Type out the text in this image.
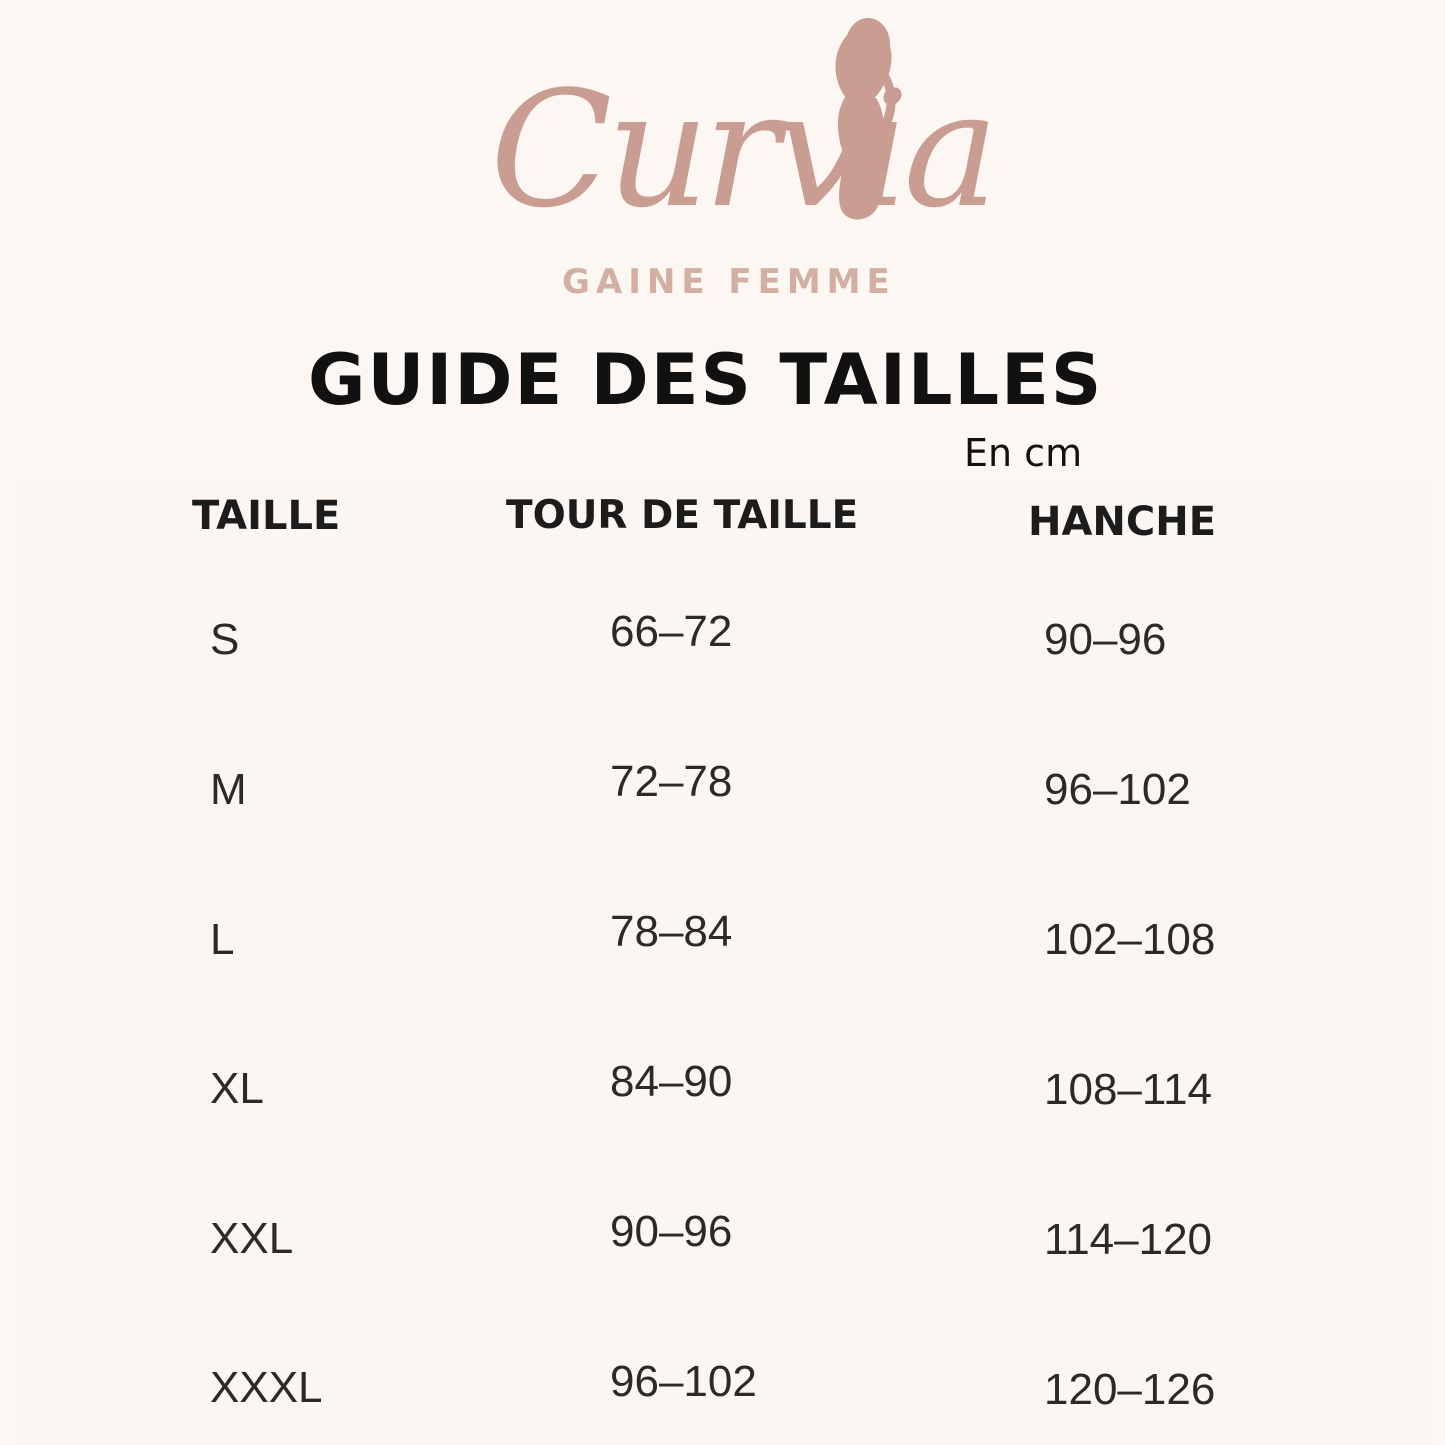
Curvia
GAINE FEMME
GUIDE DES TAILLES
En cm
TAILLE	TOUR DE TAILLE	HANCHE
S	66–72	90–96
M	72–78	96–102
L	78–84	102–108
XL	84–90	108–114
XXL	90–96	114–120
XXXL	96–102	120–126
